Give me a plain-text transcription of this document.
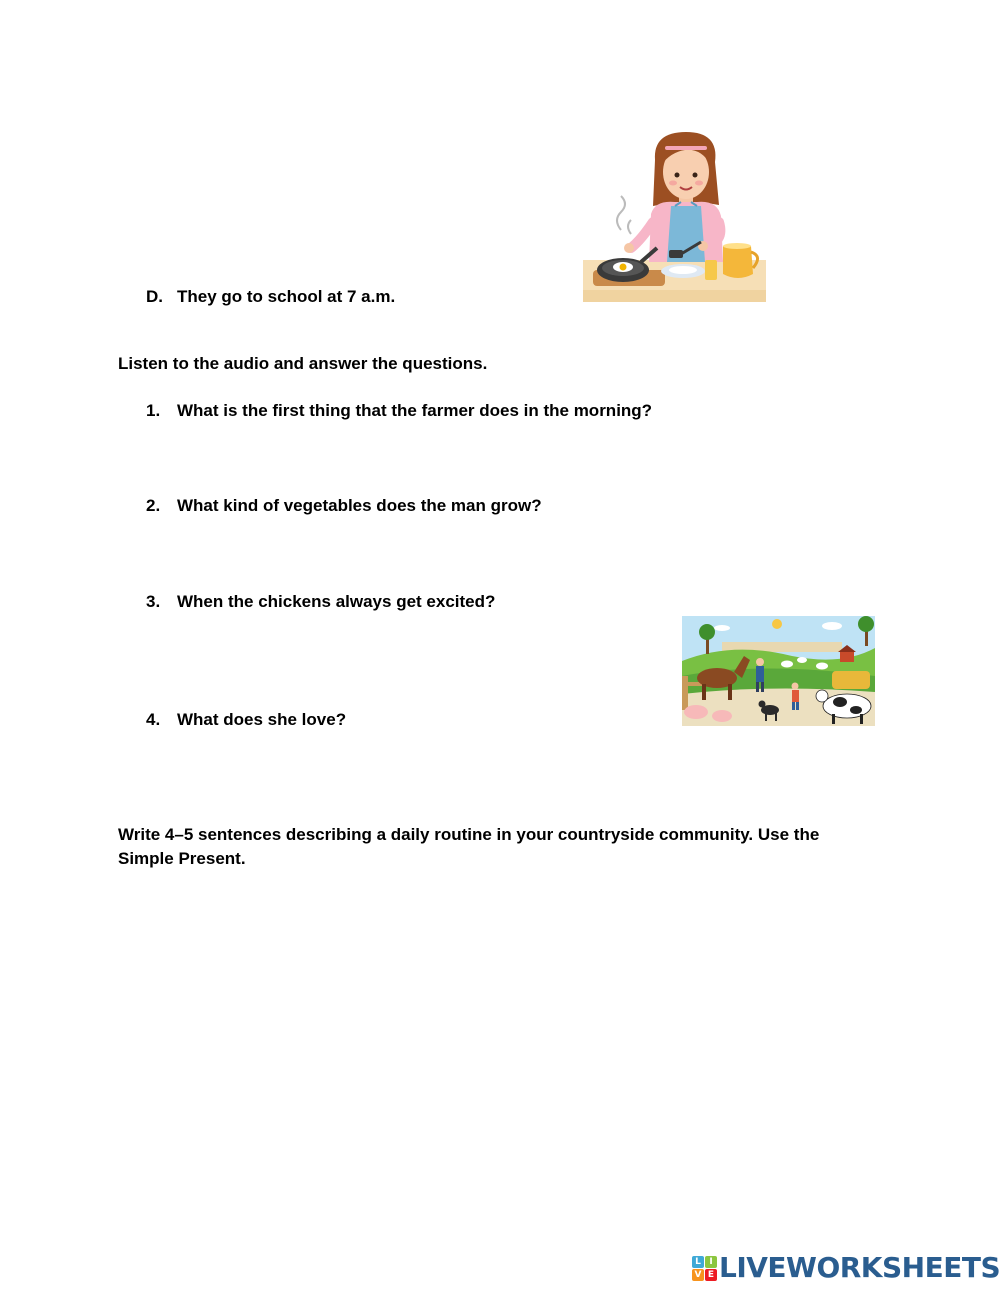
D. They go to school at 7 a.m.
Listen to the audio and answer the questions.
1. What is the first thing that the farmer does in the morning?
2. What kind of vegetables does the man grow?
3. When the chickens always get excited?
4. What does she love?
Write 4–5 sentences describing a daily routine in your countryside community. Use the Simple Present.
L I
V E LIVEWORKSHEETS
